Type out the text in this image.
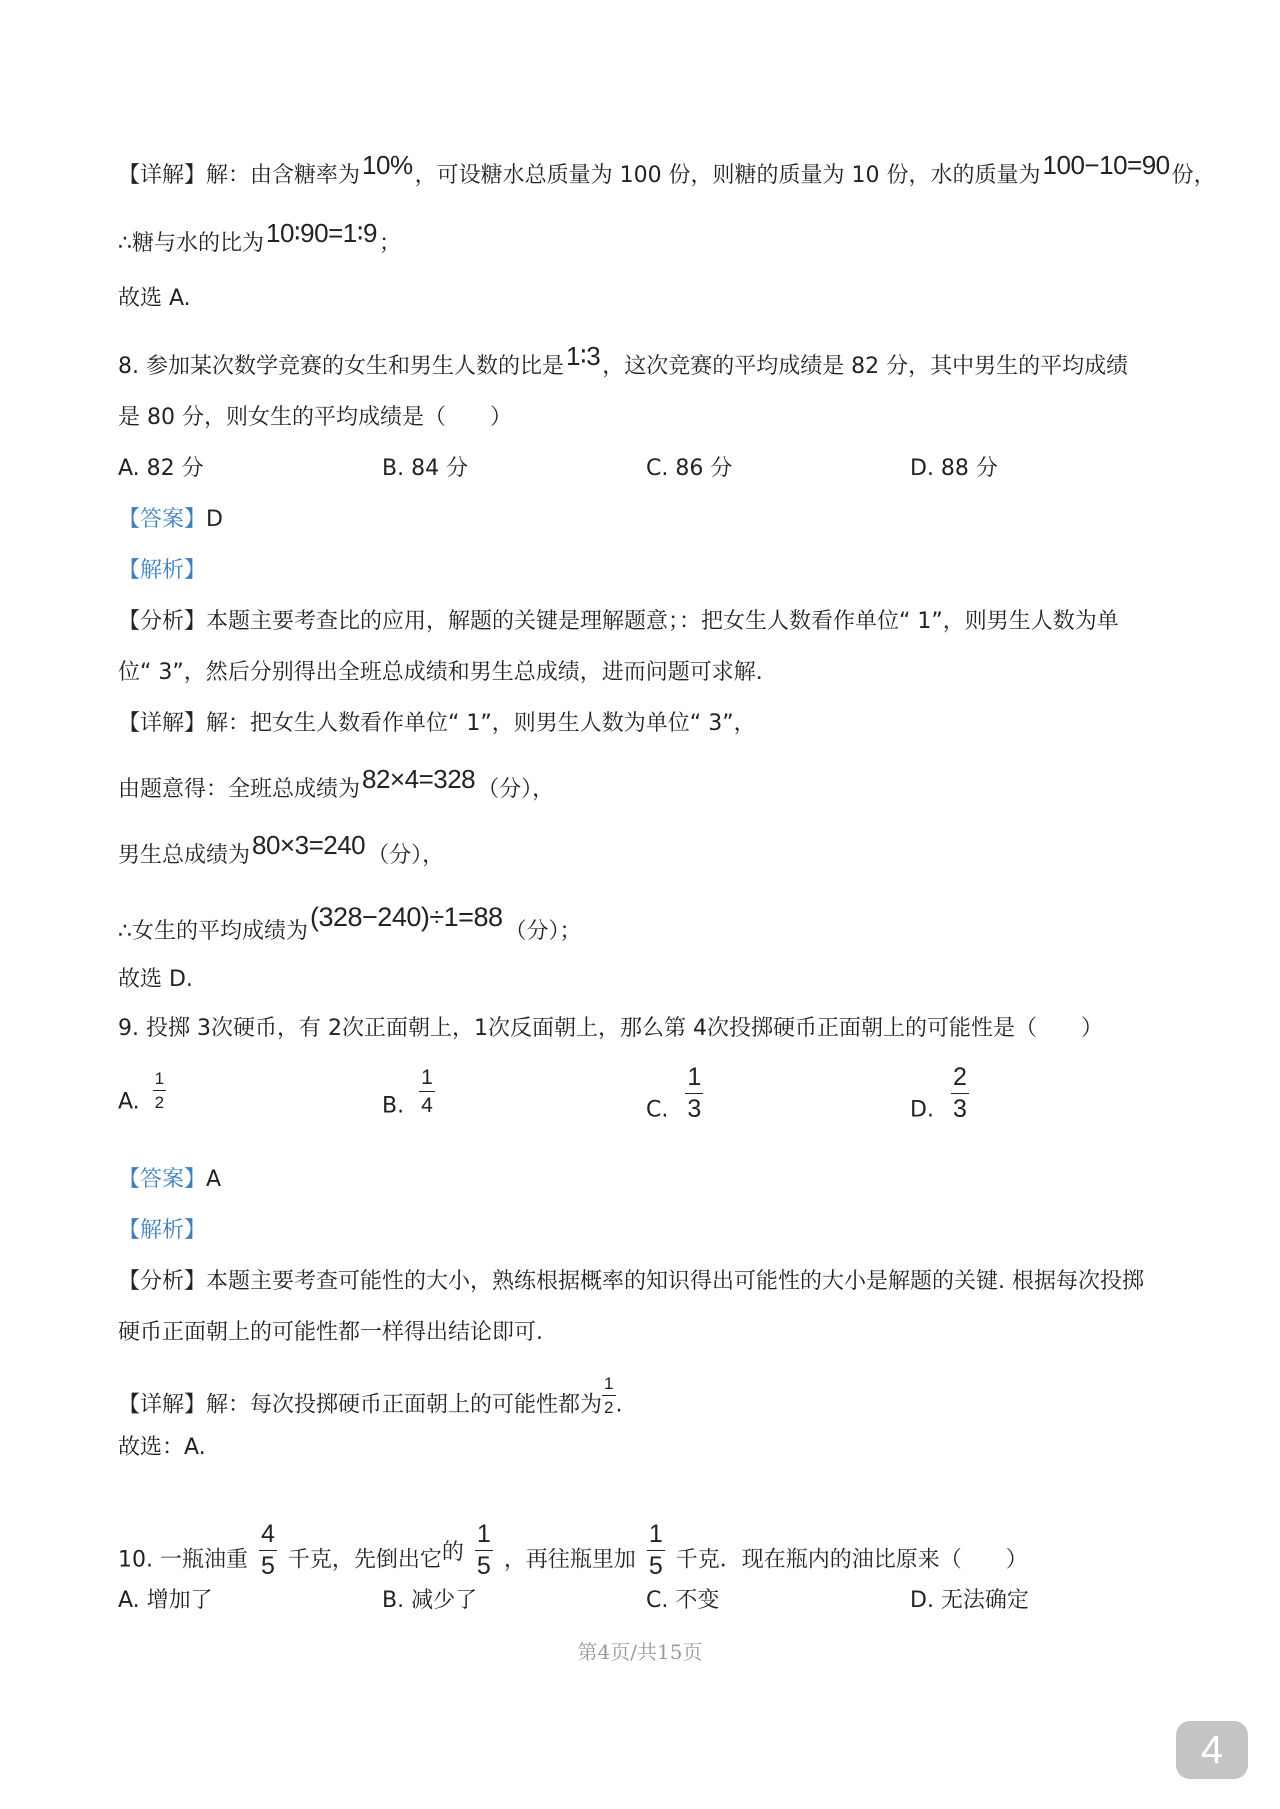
【详解】解：由含糖率为10%，可设糖水总质量为 100 份，则糖的质量为 10 份，水的质量为100−10=90份，
∴糖与水的比为10∶90=1∶9；
故选 A.
8. 参加某次数学竞赛的女生和男生人数的比是1∶3，这次竞赛的平均成绩是 82 分，其中男生的平均成绩
是 80 分，则女生的平均成绩是（　　）
A. 82 分	B. 84 分	C. 86 分	D. 88 分
【答案】D
【解析】
【分析】本题主要考查比的应用，解题的关键是理解题意；：把女生人数看作单位“ 1”，则男生人数为单
位“ 3”，然后分别得出全班总成绩和男生总成绩，进而问题可求解.
【详解】解：把女生人数看作单位“ 1”，则男生人数为单位“ 3”，
由题意得：全班总成绩为82×4=328（分），
男生总成绩为80×3=240（分），
∴女生的平均成绩为(328−240)÷1=88（分）；
故选 D.
9. 投掷 3次硬币，有 2次正面朝上，1次反面朝上，那么第 4次投掷硬币正面朝上的可能性是（　　）
A. $\frac{1}{2}$	B. $\frac{1}{4}$	C. $\frac{1}{3}$	D. $\frac{2}{3}$
【答案】A
【解析】
【分析】本题主要考查可能性的大小，熟练根据概率的知识得出可能性的大小是解题的关键. 根据每次投掷
硬币正面朝上的可能性都一样得出结论即可.
【详解】解：每次投掷硬币正面朝上的可能性都为 $\frac{1}{2}$ .
故选：A.
10. 一瓶油重 $\frac{4}{5}$ 千克，先倒出它的 $\frac{1}{5}$ ，再往瓶里加 $\frac{1}{5}$ 千克．现在瓶内的油比原来（　　）
A. 增加了	B. 减少了	C. 不变	D. 无法确定
第4页/共15页
4
